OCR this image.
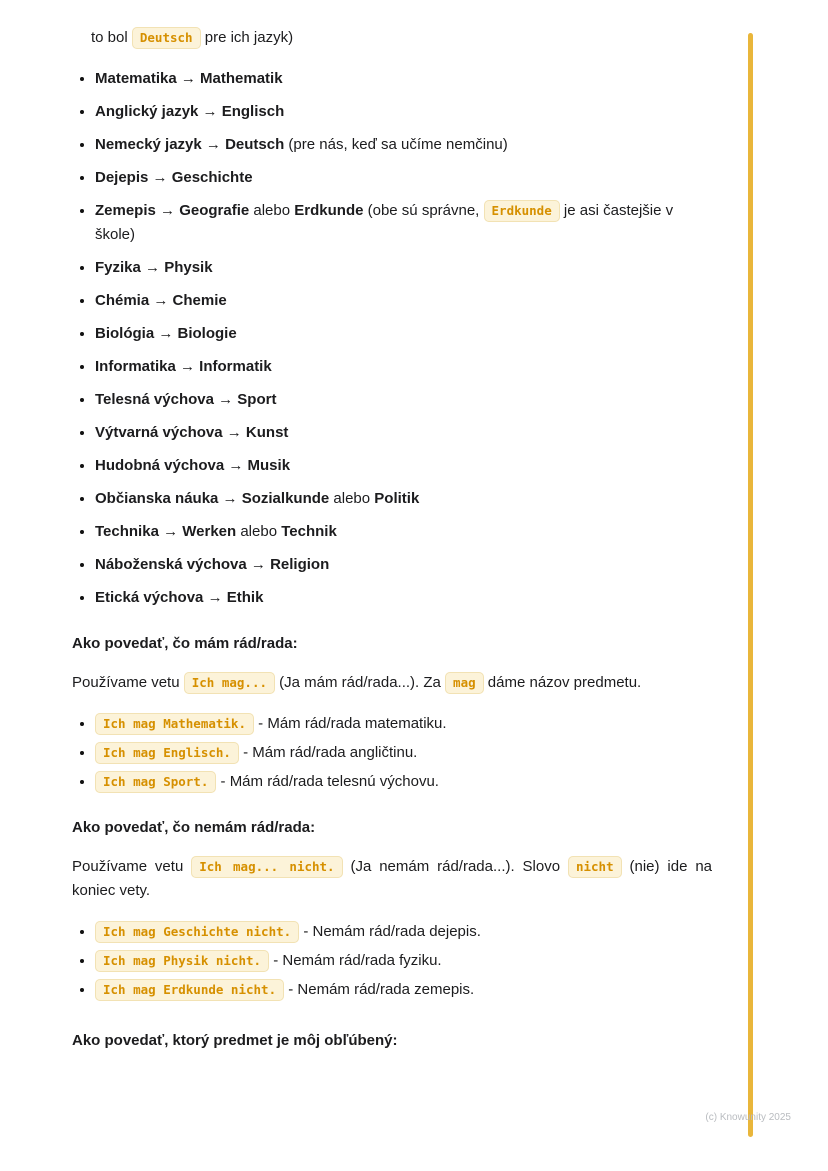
to bol Deutsch pre ich jazyk)
• Matematika → Mathematik
• Anglický jazyk → Englisch
• Nemecký jazyk → Deutsch (pre nás, keď sa učíme nemčinu)
• Dejepis → Geschichte
• Zemepis → Geografie alebo Erdkunde (obe sú správne, Erdkunde je asi častejšie v škole)
• Fyzika → Physik
• Chémia → Chemie
• Biológia → Biologie
• Informatika → Informatik
• Telesná výchova → Sport
• Výtvarná výchova → Kunst
• Hudobná výchova → Musik
• Občianska náuka → Sozialkunde alebo Politik
• Technika → Werken alebo Technik
• Náboženská výchova → Religion
• Etická výchova → Ethik

Ako povedať, čo mám rád/rada:

Používame vetu Ich mag... (Ja mám rád/rada...). Za mag dáme názov predmetu.

• Ich mag Mathematik. - Mám rád/rada matematiku.
• Ich mag Englisch. - Mám rád/rada angličtinu.
• Ich mag Sport. - Mám rád/rada telesnú výchovu.

Ako povedať, čo nemám rád/rada:

Používame vetu Ich mag... nicht. (Ja nemám rád/rada...). Slovo nicht (nie) ide na koniec vety.

• Ich mag Geschichte nicht. - Nemám rád/rada dejepis.
• Ich mag Physik nicht. - Nemám rád/rada fyziku.
• Ich mag Erdkunde nicht. - Nemám rád/rada zemepis.

Ako povedať, ktorý predmet je môj obľúbený:

(c) Knowunity 2025
